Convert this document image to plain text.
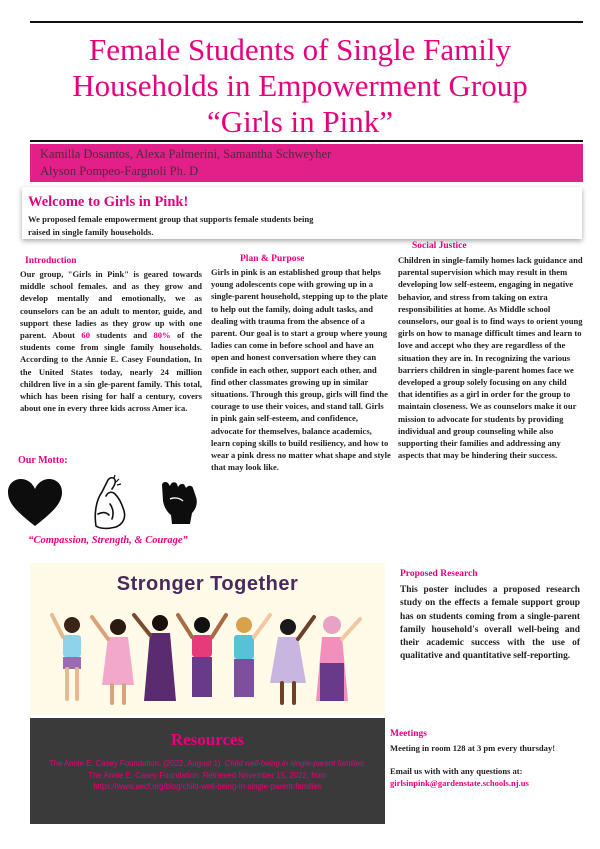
Female Students of Single Family
Households in Empowerment Group
“Girls in Pink”
Kamilla Dosantos, Alexa Palmerini, Samantha Schweyher
Alyson Pompeo-Fargnoli Ph. D
Welcome to Girls in Pink!
We proposed female empowerment group that supports female students being
raised in single family households.
Introduction
Our group, "Girls in Pink" is geared towards middle school females. and as they grow and develop mentally and emotionally, we as counselors can be an adult to mentor, guide, and support these ladies as they grow up with one parent. About 60 students and 80% of the students come from single family households. According to the Annie E. Casey Foundation, In the United States today, nearly 24 million children live in a sin gle-parent family. This total, which has been rising for half a century, covers about one in every three kids across Amer ica.
Our Motto:
“Compassion, Strength, & Courage”
Plan & Purpose
Girls in pink is an established group that helps young adolescents cope with growing up in a single-parent household, stepping up to the plate to help out the family, doing adult tasks, and dealing with trauma from the absence of a parent. Our goal is to start a group where young ladies can come in before school and have an open and honest conversation where they can confide in each other, support each other, and find other classmates growing up in similar situations. Through this group, girls will find the courage to use their voices, and stand tall. Girls in pink gain self-esteem, and confidence, advocate for themselves, balance academics, learn coping skills to build resiliency, and how to wear a pink dress no matter what shape and style that may look like.
Social Justice
Children in single-family homes lack guidance and parental supervision which may result in them developing low self-esteem, engaging in negative behavior, and stress from taking on extra responsibilities at home. As Middle school counselors, our goal is to find ways to orient young girls on how to manage difficult times and learn to love and accept who they are regardless of the situation they are in. In recognizing the various barriers children in single-parent homes face we developed a group solely focusing on any child that identifies as a girl in order for the group to maintain closeness. We as counselors make it our mission to advocate for students by providing individual and group counseling while also supporting their families and addressing any aspects that may be hindering their success.
Stronger Together
Resources
The Annie E. Casey Foundation. (2022, August 1). Child well-being in single-parent families. The Annie E. Casey Foundation. Retrieved November 15, 2022, from https://www.aecf.org/blog/child-well-being-in-single-parent-families
Proposed Research
This poster includes a proposed research study on the effects a female support group has on students coming from a single-parent family household's overall well-being and their academic success with the use of qualitative and quantitative self-reporting.
Meetings
Meeting in room 128 at 3 pm every thursday!
Email us with with any questions at:
girlsinpink@gardenstate.schools.nj.us
